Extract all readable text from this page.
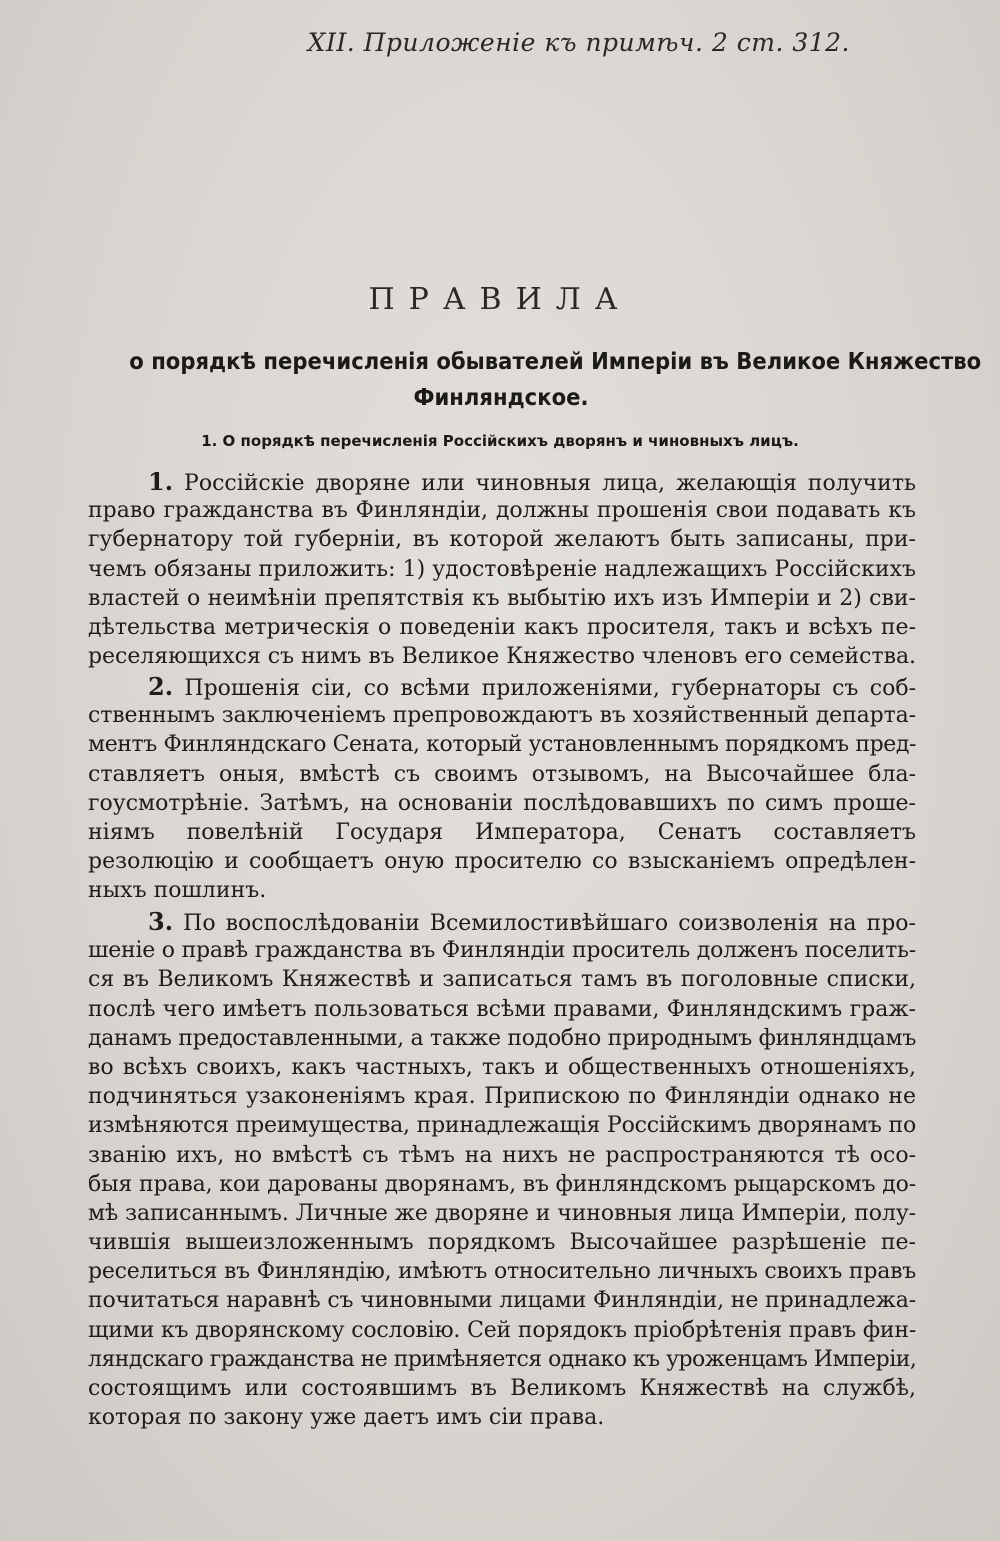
XII. Приложеніе къ примѣч. 2 ст. 312.
ПРАВИЛА
о порядкѣ перечисленія обывателей Имперіи въ Великое Княжество
Финляндское.
1. О порядкѣ перечисленія Россійскихъ дворянъ и чиновныхъ лицъ.
1. Россійскіе дворяне или чиновныя лица, желающія получить
право гражданства въ Финляндіи, должны прошенія свои подавать къ
губернатору той губерніи, въ которой желаютъ быть записаны, при-
чемъ обязаны приложить: 1) удостовѣреніе надлежащихъ Россійскихъ
властей о неимѣніи препятствія къ выбытію ихъ изъ Имперіи и 2) сви-
дѣтельства метрическія о поведеніи какъ просителя, такъ и всѣхъ пе-
реселяющихся съ нимъ въ Великое Княжество членовъ его семейства.
2. Прошенія сіи, со всѣми приложеніями, губернаторы съ соб-
ственнымъ заключеніемъ препровождаютъ въ хозяйственный департа-
ментъ Финляндскаго Сената, который установленнымъ порядкомъ пред-
ставляетъ оныя, вмѣстѣ съ своимъ отзывомъ, на Высочайшее бла-
гоусмотрѣніе. Затѣмъ, на основаніи послѣдовавшихъ по симъ проше-
ніямъ повелѣній Государя Императора, Сенатъ составляетъ
резолюцію и сообщаетъ оную просителю со взысканіемъ опредѣлен-
ныхъ пошлинъ.
3. По воспослѣдованіи Всемилостивѣйшаго соизволенія на про-
шеніе о правѣ гражданства въ Финляндіи проситель долженъ поселить-
ся въ Великомъ Княжествѣ и записаться тамъ въ поголовные списки,
послѣ чего имѣетъ пользоваться всѣми правами, Финляндскимъ граж-
данамъ предоставленными, а также подобно природнымъ финляндцамъ
во всѣхъ своихъ, какъ частныхъ, такъ и общественныхъ отношеніяхъ,
подчиняться узаконеніямъ края. Припискою по Финляндіи однако не
измѣняются преимущества, принадлежащія Россійскимъ дворянамъ по
званію ихъ, но вмѣстѣ съ тѣмъ на нихъ не распространяются тѣ осо-
быя права, кои дарованы дворянамъ, въ финляндскомъ рыцарскомъ до-
мѣ записаннымъ. Личные же дворяне и чиновныя лица Имперіи, полу-
чившія вышеизложеннымъ порядкомъ Высочайшее разрѣшеніе пе-
реселиться въ Финляндію, имѣютъ относительно личныхъ своихъ правъ
почитаться наравнѣ съ чиновными лицами Финляндіи, не принадлежа-
щими къ дворянскому сословію. Сей порядокъ пріобрѣтенія правъ фин-
ляндскаго гражданства не примѣняется однако къ уроженцамъ Имперіи,
состоящимъ или состоявшимъ въ Великомъ Княжествѣ на службѣ,
которая по закону уже даетъ имъ сіи права.
